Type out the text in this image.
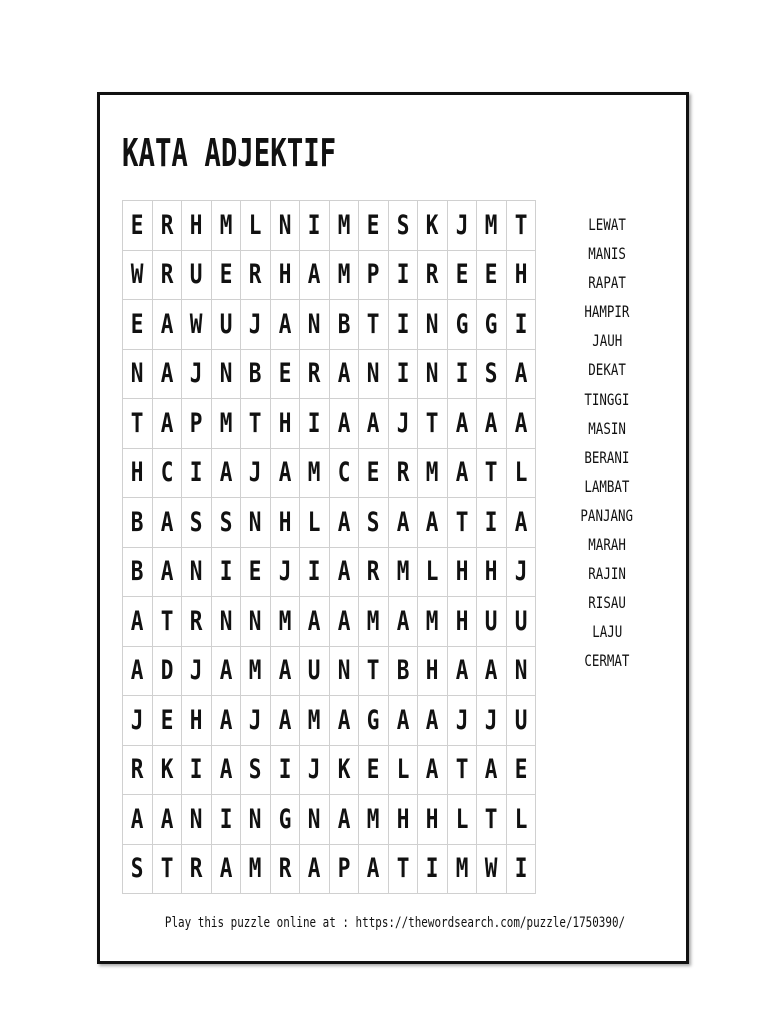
KATA ADJEKTIF
E	R	H	M	L	N	I	M	E	S	K	J	M	T
W	R	U	E	R	H	A	M	P	I	R	E	E	H
E	A	W	U	J	A	N	B	T	I	N	G	G	I
N	A	J	N	B	E	R	A	N	I	N	I	S	A
T	A	P	M	T	H	I	A	A	J	T	A	A	A
H	C	I	A	J	A	M	C	E	R	M	A	T	L
B	A	S	S	N	H	L	A	S	A	A	T	I	A
B	A	N	I	E	J	I	A	R	M	L	H	H	J
A	T	R	N	N	M	A	A	M	A	M	H	U	U
A	D	J	A	M	A	U	N	T	B	H	A	A	N
J	E	H	A	J	A	M	A	G	A	A	J	J	U
R	K	I	A	S	I	J	K	E	L	A	T	A	E
A	A	N	I	N	G	N	A	M	H	H	L	T	L
S	T	R	A	M	R	A	P	A	T	I	M	W	I
LEWAT
MANIS
RAPAT
HAMPIR
JAUH
DEKAT
TINGGI
MASIN
BERANI
LAMBAT
PANJANG
MARAH
RAJIN
RISAU
LAJU
CERMAT
Play this puzzle online at : https://thewordsearch.com/puzzle/1750390/
